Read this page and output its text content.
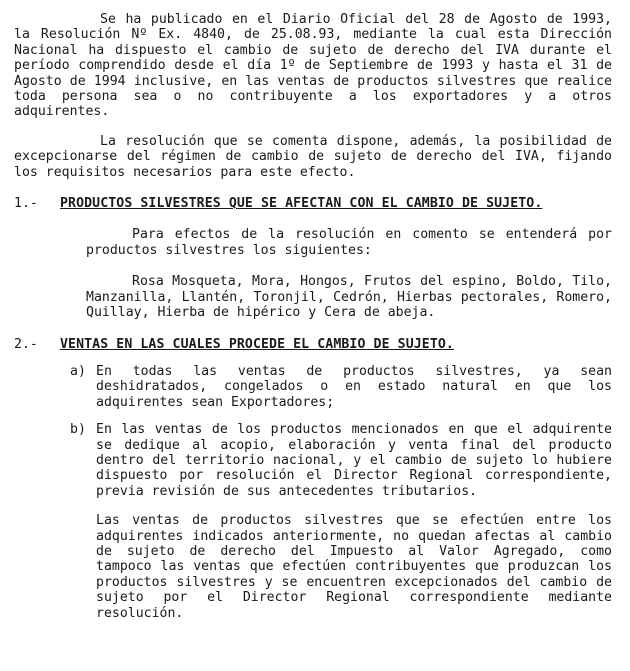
Se ha publicado en el Diario Oficial del 28 de Agosto de 1993, la Resolución Nº Ex. 4840, de 25.08.93, mediante la cual esta Dirección Nacional ha dispuesto el cambio de sujeto de derecho del IVA durante el período comprendido desde el día 1º de Septiembre de 1993 y hasta el 31 de Agosto de 1994 inclusive, en las ventas de productos silvestres que realice toda persona sea o no contribuyente a los exportadores y a otros adquirentes.

La resolución que se comenta dispone, además, la posibilidad de excepcionarse del régimen de cambio de sujeto de derecho del IVA, fijando los requisitos necesarios para este efecto.

1.-	PRODUCTOS SILVESTRES QUE SE AFECTAN CON EL CAMBIO DE SUJETO.

Para efectos de la resolución en comento se entenderá por productos silvestres los siguientes:

Rosa Mosqueta, Mora, Hongos, Frutos del espino, Boldo, Tilo, Manzanilla, Llantén, Toronjil, Cedrón, Hierbas pectorales, Romero, Quillay, Hierba de hipérico y Cera de abeja.

2.-	VENTAS EN LAS CUALES PROCEDE EL CAMBIO DE SUJETO.
a) En todas las ventas de productos silvestres, ya sean deshidratados, congelados o en estado natural en que los adquirentes sean Exportadores;

b) En las ventas de los productos mencionados en que el adquirente se dedique al acopio, elaboración y venta final del producto dentro del territorio nacional, y el cambio de sujeto lo hubiere dispuesto por resolución el Director Regional correspondiente, previa revisión de sus antecedentes tributarios.

Las ventas de productos silvestres que se efectúen entre los adquirentes indicados anteriormente, no quedan afectas al cambio de sujeto de derecho del Impuesto al Valor Agregado, como tampoco las ventas que efectúen contribuyentes que produzcan los productos silvestres y se encuentren excepcionados del cambio de sujeto por el Director Regional correspondiente mediante resolución.
